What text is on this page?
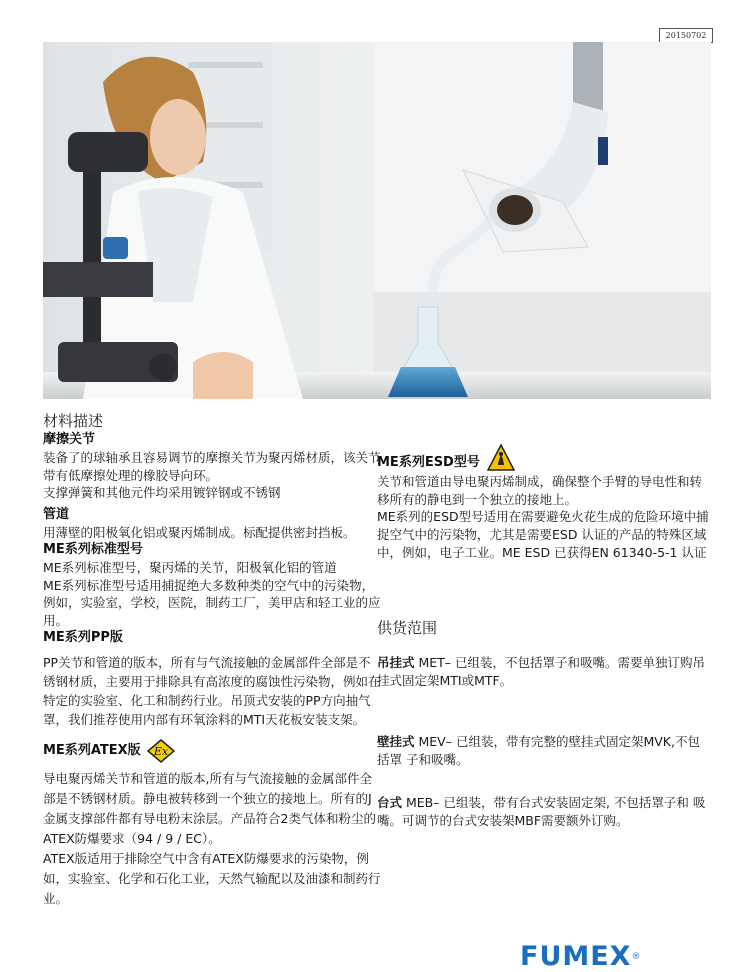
20150702

材料描述

摩擦关节

装备了的球轴承且容易调节的摩擦关节为聚丙烯材质，该关节带有低摩擦处理的橡胶导向环。

支撑弹簧和其他元件均采用镀锌钢或不锈钢

管道

用薄壁的阳极氧化铝或聚丙烯制成。标配提供密封挡板。

ME系列标准型号

ME系列标准型号，聚丙烯的关节，阳极氧化铝的管道

ME系列标准型号适用捕捉绝大多数种类的空气中的污染物，例如，实验室，学校，医院，制药工厂，美甲店和轻工业的应用。

ME系列PP版

PP关节和管道的版本，所有与气流接触的金属部件全部是不锈钢材质，主要用于排除具有高浓度的腐蚀性污染物，例如在特定的实验室、化工和制药行业。吊顶式安装的PP方向抽气罩，我们推荐使用内部有环氧涂料的MTI天花板安装支架。

ME系列ATEX版 Ex

导电聚丙烯关节和管道的版本,所有与气流接触的金属部件全部是不锈钢材质。静电被转移到一个独立的接地上。所有的J金属支撑部件都有导电粉末涂层。产品符合2类气体和粉尘的ATEX防爆要求（94 / 9 / EC）。

ATEX版适用于排除空气中含有ATEX防爆要求的污染物，例如，实验室、化学和石化工业，天然气输配以及油漆和制药行业。

ME系列ESD型号

关节和管道由导电聚丙烯制成，确保整个手臂的导电性和转移所有的静电到一个独立的接地上。

ME系列的ESD型号适用在需要避免火花生成的危险环境中捕捉空气中的污染物，尤其是需要ESD 认证的产品的特殊区域中，例如，电子工业。ME ESD 已获得EN 61340-5-1 认证

供货范围

吊挂式 MET– 已组装，不包括罩子和吸嘴。需要单独订购吊挂式固定架MTI或MTF。

壁挂式 MEV– 已组装，带有完整的壁挂式固定架MVK,不包括罩 子和吸嘴。

台式 MEB– 已组装，带有台式安装固定架, 不包括罩子和 吸嘴。可调节的台式安装架MBF需要额外订购。

FUMEX®
